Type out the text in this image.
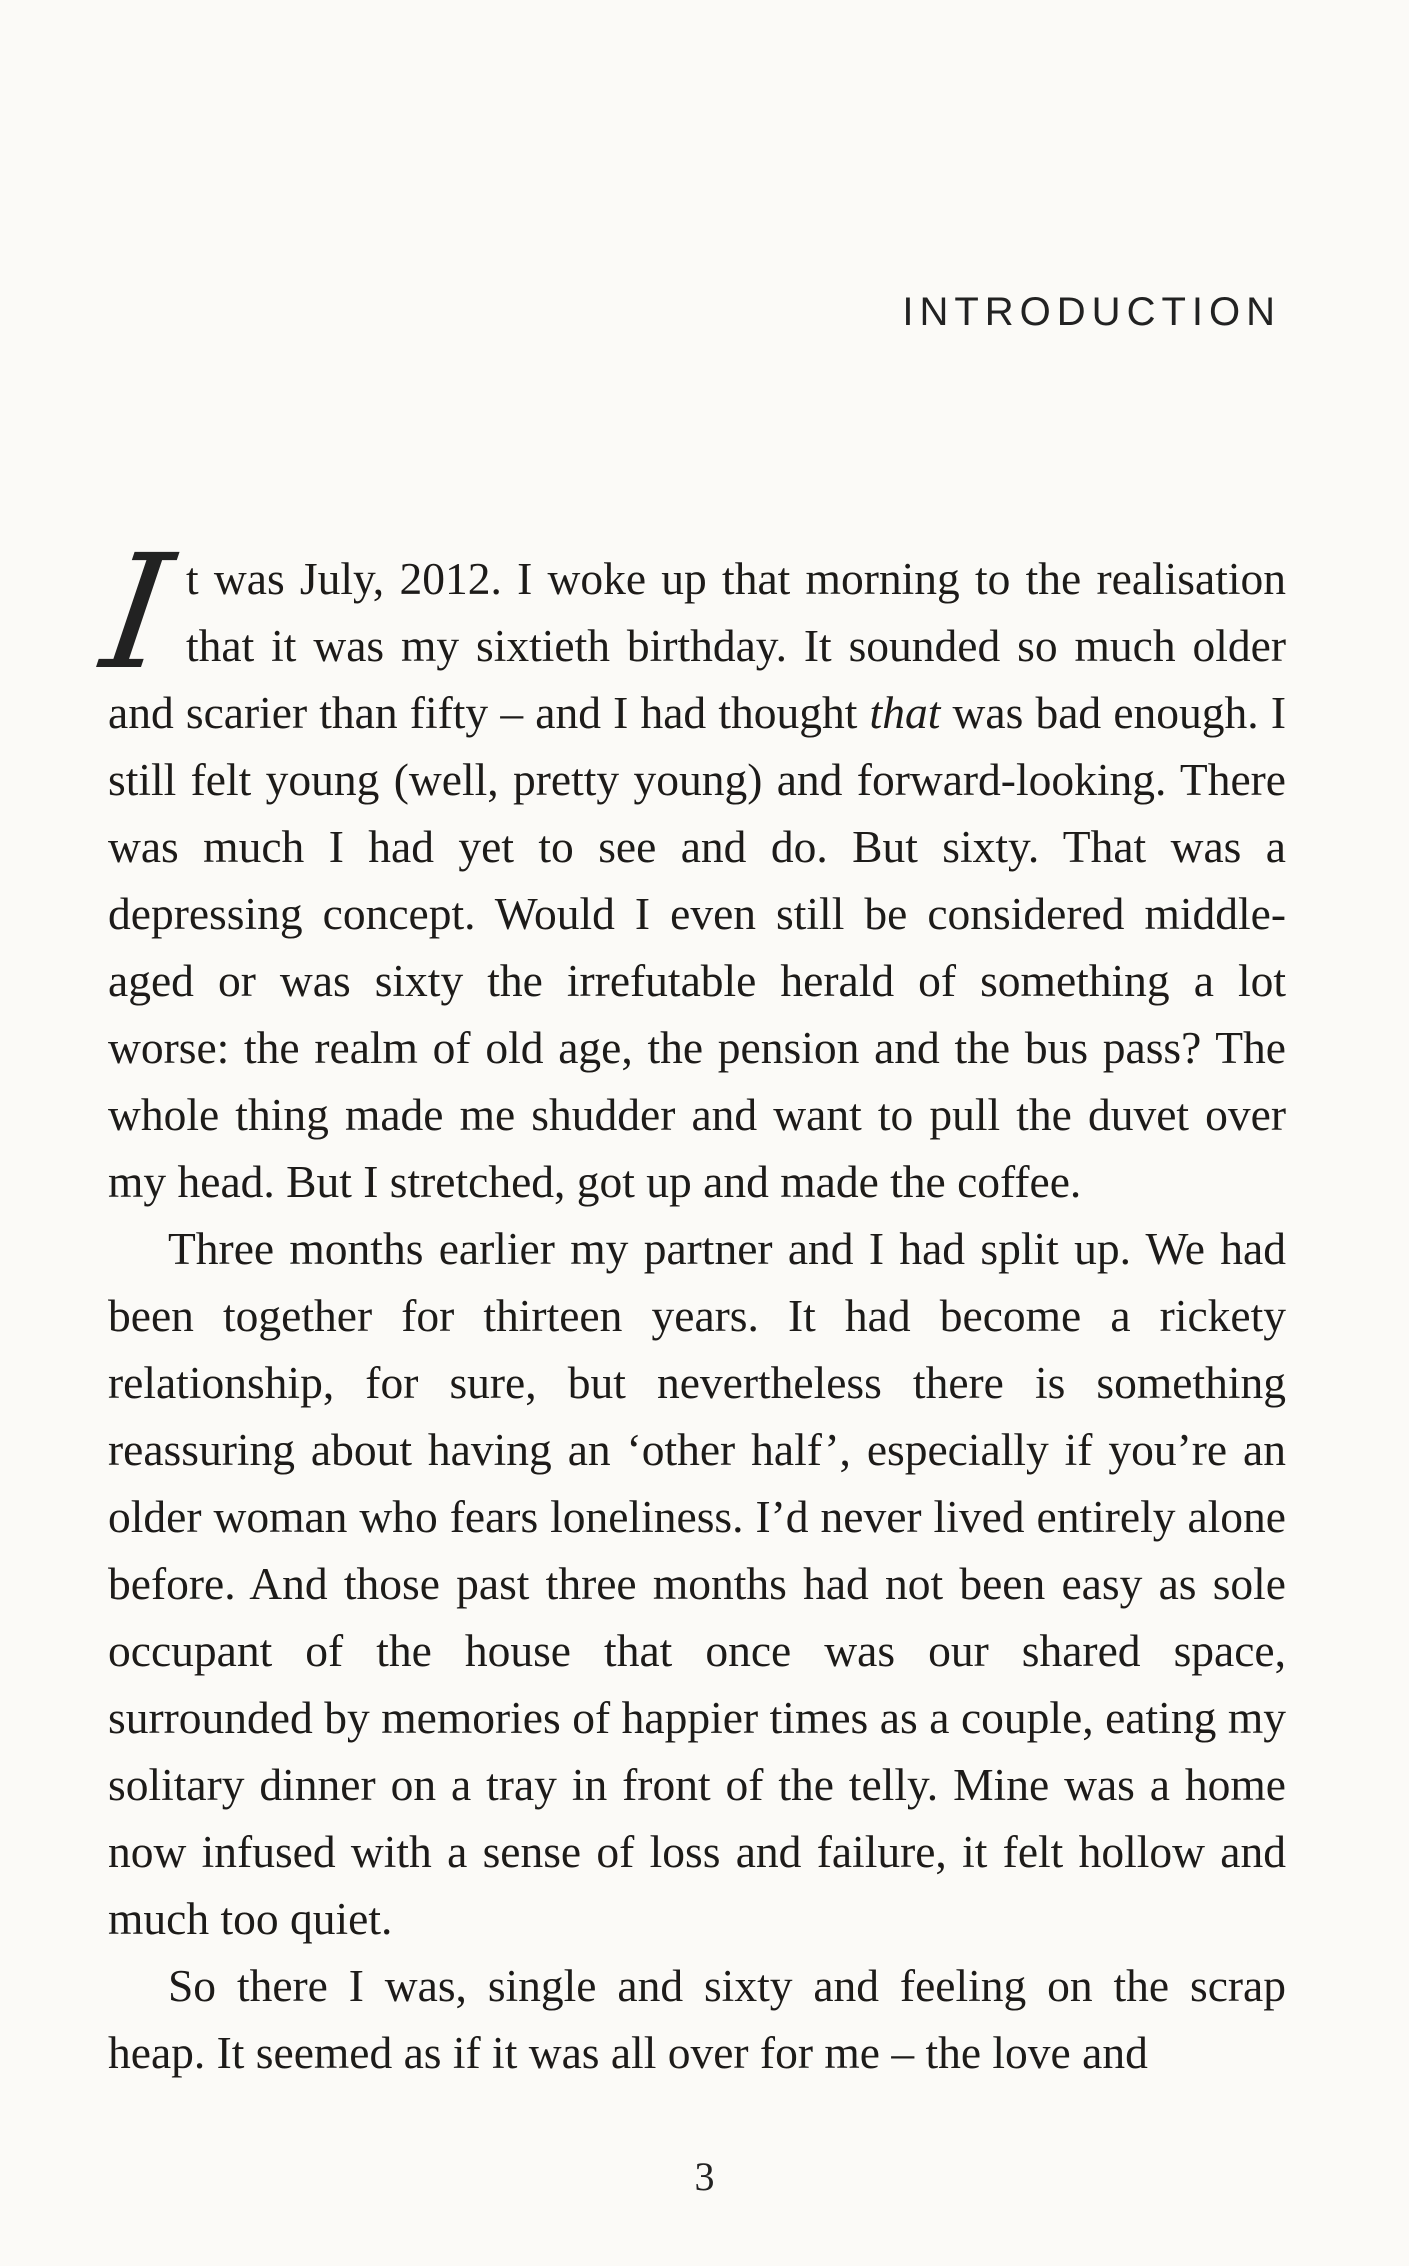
INTRODUCTION

It was July, 2012. I woke up that morning to the realisation that it was my sixtieth birthday. It sounded so much older and scarier than fifty – and I had thought that was bad enough. I still felt young (well, pretty young) and forward-looking. There was much I had yet to see and do. But sixty. That was a depressing concept. Would I even still be considered middle-aged or was sixty the irrefutable herald of something a lot worse: the realm of old age, the pension and the bus pass? The whole thing made me shudder and want to pull the duvet over my head. But I stretched, got up and made the coffee.

Three months earlier my partner and I had split up. We had been together for thirteen years. It had become a rickety relationship, for sure, but nevertheless there is something reassuring about having an ‘other half’, especially if you’re an older woman who fears loneliness. I’d never lived entirely alone before. And those past three months had not been easy as sole occupant of the house that once was our shared space, surrounded by memories of happier times as a couple, eating my solitary dinner on a tray in front of the telly. Mine was a home now infused with a sense of loss and failure, it felt hollow and much too quiet.

So there I was, single and sixty and feeling on the scrap heap. It seemed as if it was all over for me – the love and

3
